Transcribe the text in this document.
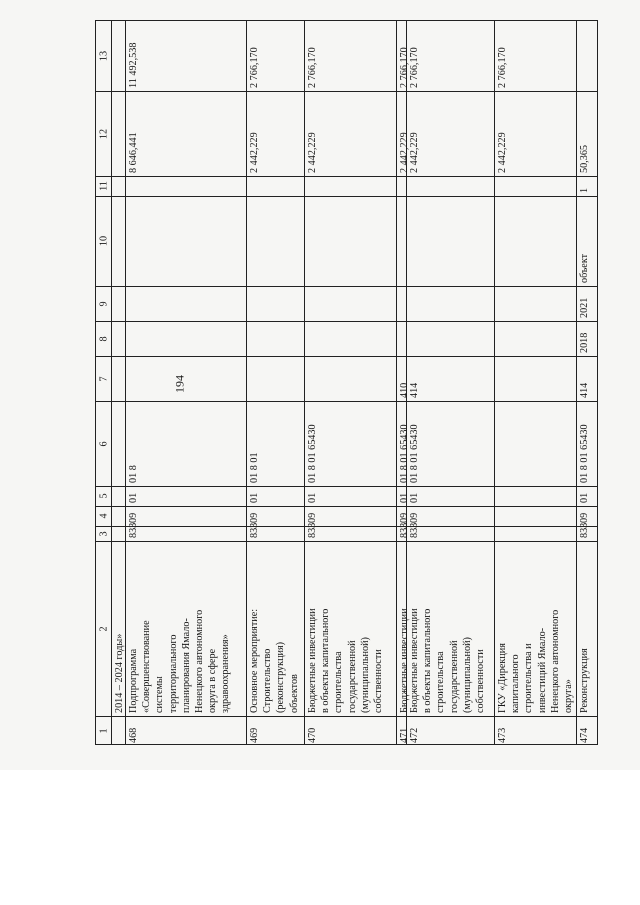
194
1
2
3
4
5
6
7
8
9
10
11
12
13
2014 – 2024 годы»
468
Подпрограмма
«Совершенствование
системы
территориального
планирования Ямало-
Ненецкого автономного
округа в сфере
здравоохранения»
833
09
01
01 8
8 646,441
11 492,538
469
Основное мероприятие:
Строительство
(реконструкция)
объектов
833
09
01
01 8 01
2 442,229
2 766,170
470
Бюджетные инвестиции
в объекты капитального
строительства
государственной
(муниципальной)
собственности
833
09
01
01 8 01 65430
2 442,229
2 766,170
471
Бюджетные инвестиции
833
09
01
01 8 01 65430
410
2 442,229
2 766,170
472
Бюджетные инвестиции
в объекты капитального
строительства
государственной
(муниципальной)
собственности
833
09
01
01 8 01 65430
414
2 442,229
2 766,170
473
ГКУ «Дирекция
капитального
строительства и
инвестиций Ямало-
Ненецкого автономного
округа»
2 442,229
2 766,170
474
Реконструкция
833
09
01
01 8 01 65430
414
2018
2021
объект
1
50,365
